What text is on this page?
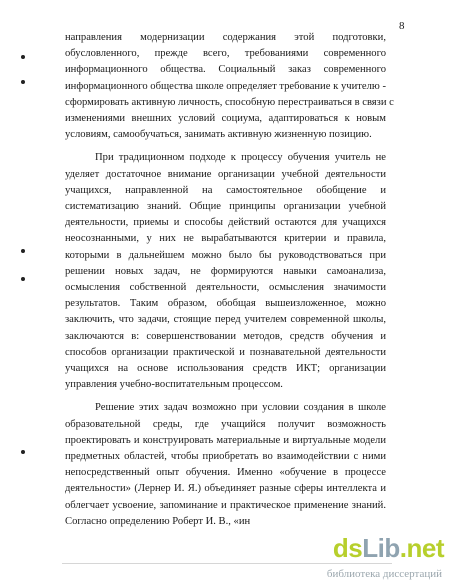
8

направления модернизации содержания этой подготовки,
обусловленного, прежде всего, требованиями современного
информационного общества. Социальный заказ современного
информационного общества школе определяет требование к учителю -
сформировать активную личность, способную перестраиваться в связи с
изменениями внешних условий социума, адаптироваться к новым
условиям, самообучаться, занимать активную жизненную позицию.

При традиционном подходе к процессу обучения учитель не
уделяет достаточное внимание организации учебной деятельности
учащихся, направленной на самостоятельное обобщение и
систематизацию знаний. Общие принципы организации учебной
деятельности, приемы и способы действий остаются для учащихся
неосознанными, у них не вырабатываются критерии и правила,
которыми в дальнейшем можно было бы руководствоваться при
решении новых задач, не формируются навыки самоанализа,
осмысления собственной деятельности, осмысления значимости
результатов. Таким образом, обобщая вышеизложенное, можно
заключить, что задачи, стоящие перед учителем современной школы,
заключаются в: совершенствовании методов, средств обучения и
способов организации практической и познавательной деятельности
учащихся на основе использования средств ИКТ; организации
управления учебно-воспитательным процессом.

Решение этих задач возможно при условии создания в школе
образовательной среды, где учащийся получит возможность
проектировать и конструировать материальные и виртуальные модели
предметных областей, чтобы приобретать во взаимодействии с ними
непосредственный опыт обучения. Именно «обучение в процессе
деятельности» (Лернер И. Я.) объединяет разные сферы интеллекта и
облегчает усвоение, запоминание и практическое применение знаний.
Согласно определению Роберт И. В., «ин

dsLib.net
библиотека диссертаций
